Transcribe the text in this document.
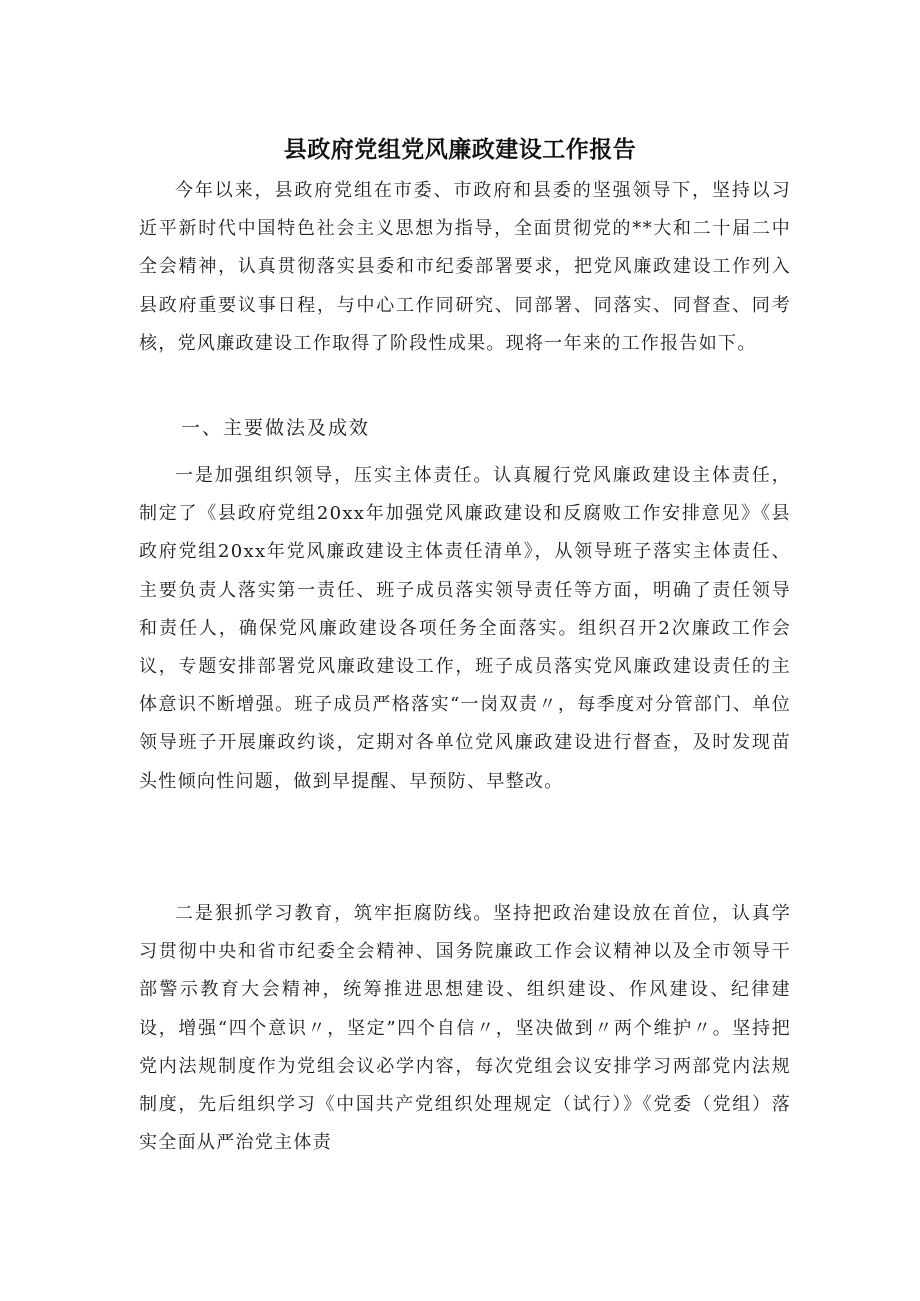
县政府党组党风廉政建设工作报告

今年以来，县政府党组在市委、市政府和县委的坚强领导下，坚持以习近平新时代中国特色社会主义思想为指导，全面贯彻党的**大和二十届二中全会精神，认真贯彻落实县委和市纪委部署要求，把党风廉政建设工作列入县政府重要议事日程，与中心工作同研究、同部署、同落实、同督查、同考核，党风廉政建设工作取得了阶段性成果。现将一年来的工作报告如下。

一、主要做法及成效

一是加强组织领导，压实主体责任。认真履行党风廉政建设主体责任，制定了《县政府党组20xx年加强党风廉政建设和反腐败工作安排意见》《县政府党组20xx年党风廉政建设主体责任清单》，从领导班子落实主体责任、主要负责人落实第一责任、班子成员落实领导责任等方面，明确了责任领导和责任人，确保党风廉政建设各项任务全面落实。组织召开2次廉政工作会议，专题安排部署党风廉政建设工作，班子成员落实党风廉政建设责任的主体意识不断增强。班子成员严格落实“一岗双责〃，每季度对分管部门、单位领导班子开展廉政约谈，定期对各单位党风廉政建设进行督查，及时发现苗头性倾向性问题，做到早提醒、早预防、早整改。

二是狠抓学习教育，筑牢拒腐防线。坚持把政治建设放在首位，认真学习贯彻中央和省市纪委全会精神、国务院廉政工作会议精神以及全市领导干部警示教育大会精神，统筹推进思想建设、组织建设、作风建设、纪律建设，增强“四个意识〃，坚定”四个自信〃，坚决做到〃两个维护〃。坚持把党内法规制度作为党组会议必学内容，每次党组会议安排学习两部党内法规制度，先后组织学习《中国共产党组织处理规定（试行）》《党委（党组）落实全面从严治党主体责
